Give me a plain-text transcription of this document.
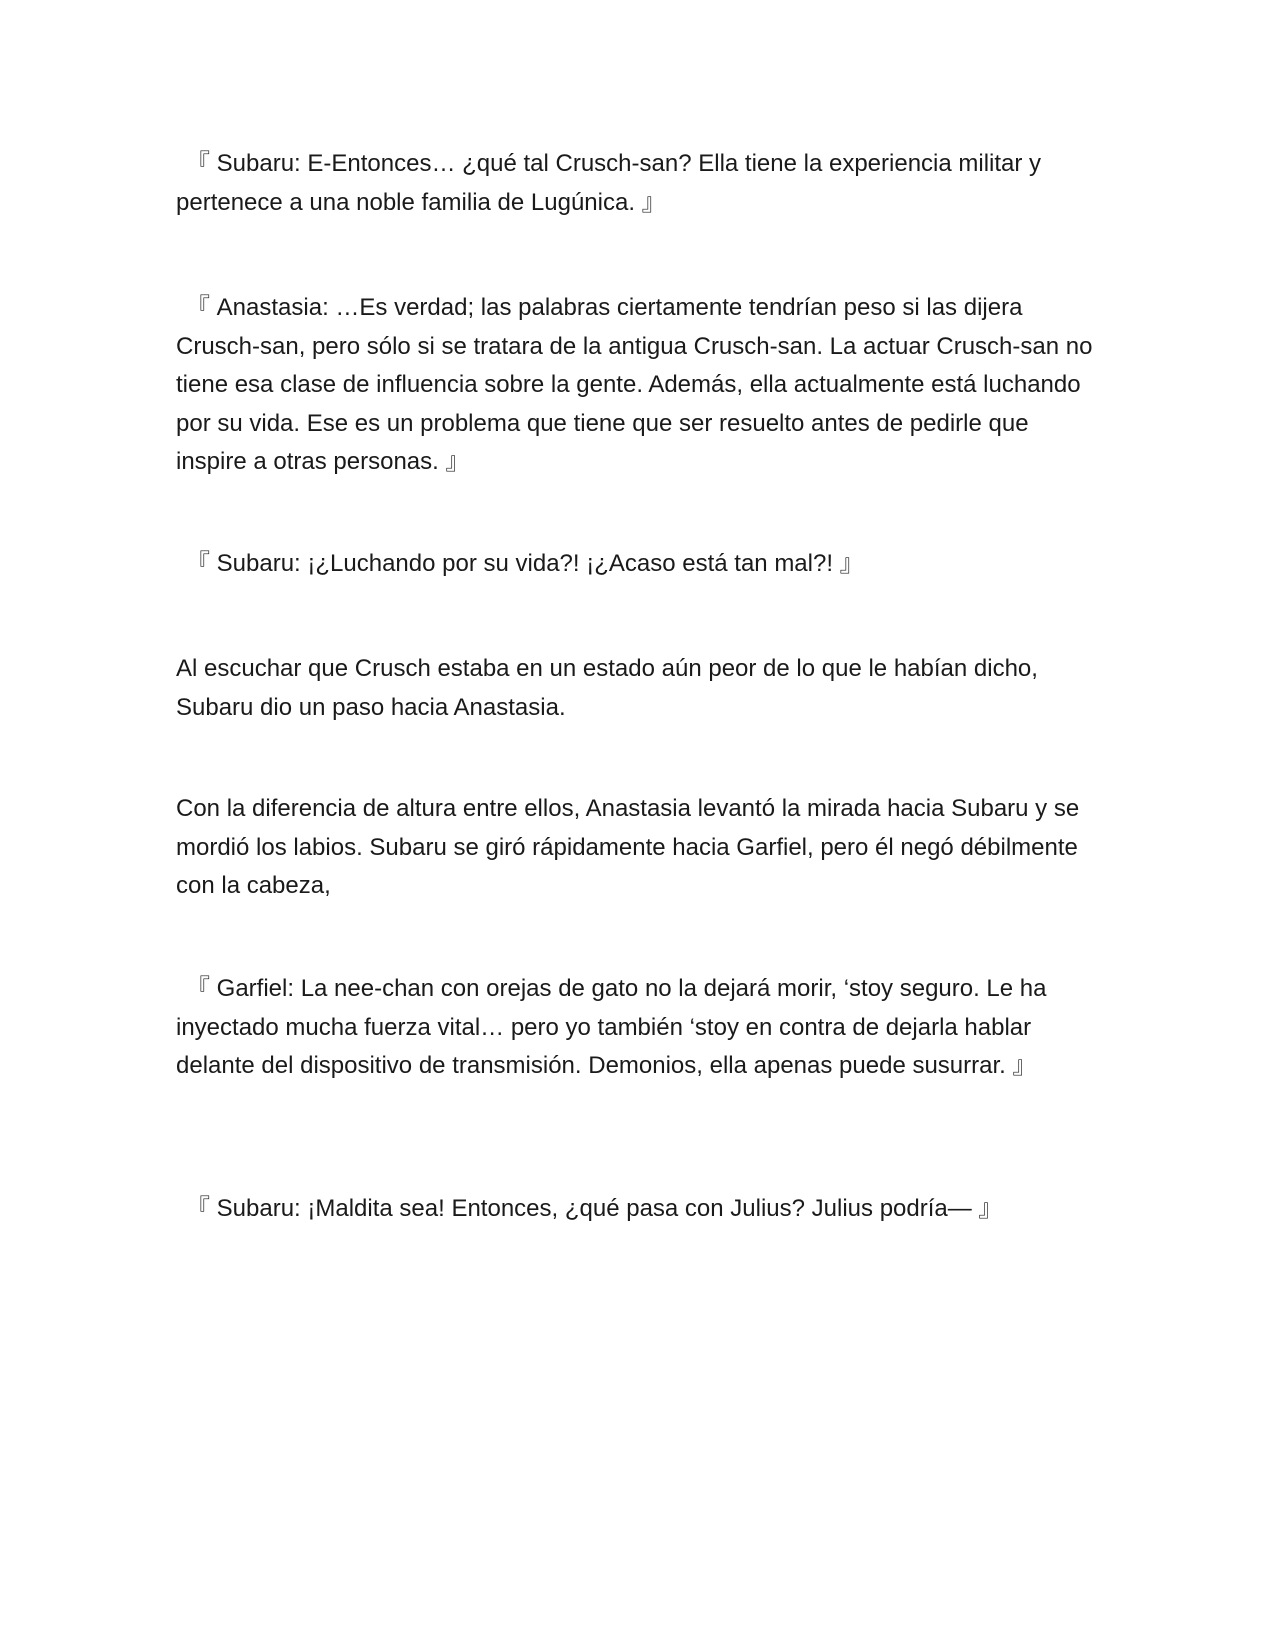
『 Subaru: E-Entonces… ¿qué tal Crusch-san? Ella tiene la experiencia militar y pertenece a una noble familia de Lugúnica. 』

『 Anastasia: …Es verdad; las palabras ciertamente tendrían peso si las dijera Crusch-san, pero sólo si se tratara de la antigua Crusch-san. La actuar Crusch-san no tiene esa clase de influencia sobre la gente. Además, ella actualmente está luchando por su vida. Ese es un problema que tiene que ser resuelto antes de pedirle que inspire a otras personas. 』

『 Subaru: ¡¿Luchando por su vida?! ¡¿Acaso está tan mal?! 』

Al escuchar que Crusch estaba en un estado aún peor de lo que le habían dicho, Subaru dio un paso hacia Anastasia.

Con la diferencia de altura entre ellos, Anastasia levantó la mirada hacia Subaru y se mordió los labios. Subaru se giró rápidamente hacia Garfiel, pero él negó débilmente con la cabeza,

『 Garfiel: La nee-chan con orejas de gato no la dejará morir, ‘stoy seguro. Le ha inyectado mucha fuerza vital… pero yo también ‘stoy en contra de dejarla hablar delante del dispositivo de transmisión. Demonios, ella apenas puede susurrar. 』

『 Subaru: ¡Maldita sea! Entonces, ¿qué pasa con Julius? Julius podría— 』
